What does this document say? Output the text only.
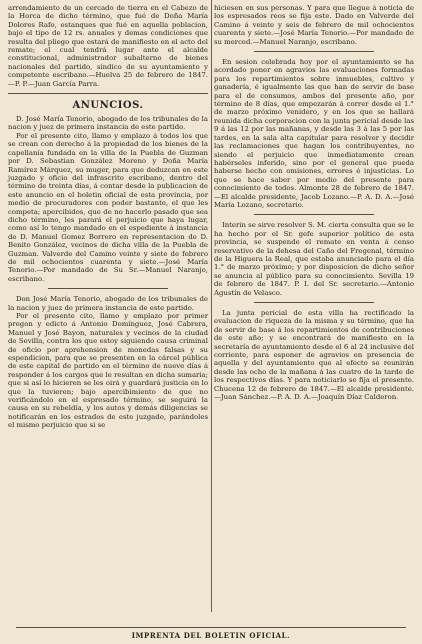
arrendamiento de un cercado de tierra en el Cabezo de la Horca de dicho término, que fué de Doña María Dolores Rafo, estanques que fué en aquella poblacion, bajo el tipo de 12 rs. anuales y demas condiciones que resulta del pliego que estará de manifiesto en el acto del remate; el cual tendrá lugar ante el alcalde constitucional, administrador subalterno de bienes nacionales del partido, síndico de su ayuntamiento y competente escribano.—Huelva 25 de febrero de 1847.—P. P.—Juan García Parra.

ANUNCIOS.

D. José María Tenorio, abogado de los tribunales de la nacion y juez de primera instancia de este partido.

Por el presente cito, llamo y emplazo á todos los que se crean con derecho á la propiedad de los bienes de la capellanía fundada en la villa de la Puebla de Guzman por D. Sebastian González Moreno y Doña María Ramírez Márquez, su muger, para que deduzcan en este juzgado y oficio del infrascrito escribano, dentro del término de treinta días, á contar desde la publicacion de este anuncio en el boletin oficial de esta provincia, por medio de procuradores con poder bastante, el que les competa; apercibidos, que de no hacerlo pasado que sea dicho término, les parará el perjuicio que haya lugar, como así lo tengo mandado en el espediente á instancia de D. Manuel Gomez Borrero en representacion de D. Benito González, vecinos de dicha villa de la Puebla de Guzman. Valverde del Camino veinte y siete de febrero de mil ochocientos cuarenta y siete.—José María Tenorio.—Por mandado de Su Sr.—Manuel Naranjo, escribano.

Don José María Tenorio, abogado de los tribunales de la nacion y juez de primera instancia de este partido.

Por el presente cito, llamo y emplazo por primer pregon y edicto á Antonio Domínguez, José Cabrera, Manuel y José Bayon, naturales y vecinos de la ciudad de Sevilla, contra los que estoy siguiendo causa criminal de oficio por aprehension de monedas falsas y su espendicion, para que se presenten en la cárcel pública de este capital de partido en el término de nueve días á responder á los cargos que le resultan en dicha sumaria; que si así lo hicieren se les oirá y guardará justicia en lo que la tuvieren; bajo apercibimiento de que no verificándolo en el espresado término, se seguirá la causa en su rebeldía, y los autos y demás diligencias se notificarán en los estrados de este juzgado, parándoles el mismo perjuicio que si se

hiciesen en sus personas. Y para que llegue á noticia de los espresados reos se fija este. Dado en Valverde del Camino á veinte y seis de febrero de mil ochocientos cuarenta y siete.—José María Tenorio.—Por mandado de su merced.—Manuel Naranjo, escribano.

En sesion celebrada hoy por el ayuntamiento se ha acordado poner en agravios las evaluaciones formadas para los repartimientos sobre inmuebles, cultivo y ganadería, é igualmente las que han de servir de base para el de consumos, ambos del presente año, por término de 8 días, que empezarán á correr desde el 1.° de marzo próximo venidero, y en los que se hallará reunida dicha corporacion con la junta pericial desde las 9 á las 12 por las mañanas, y desde las 3 á las 5 por las tardes, en la sala alta capitular para resolver y decidir las reclamaciones que hagan los contribuyentes, no siendo el perjuicio que inmediatamente crean habérseles inferido, sino por el general que pueda haberse hecho con omisiones, errores é injusticias. Lo que se hace saber por medio del presente para conocimiento de todos. Almonte 28 de febrero de 1847.—El alcalde presidente, Jacob Lozano.—P. A. D. A.—José María Lozano, secretario.

Interin se sirve resolver S. M. cierta consulta que se le ha hecho por el Sr. gefe superior político de esta provincia, se suspende el remate en venta á censo reservativo de la dehesa del Caño del Fregenal, término de la Higuera la Real, que estaba anunciado para el día 1.° de marzo próximo; y por disposicion de dicho señor se anuncia al público para su conocimiento. Sevilla 19 de febrero de 1847. P. I. del Sr. secretario.—Antonio Agustín de Velasco.

La junta pericial de esta villa ha rectificado la evaluacion de riqueza de la misma y su término, que ha de servir de base á los repartimientos de contribuciones de este año; y se encontrará de manifiesto en la secretaría de ayuntamiento desde el 6 al 24 inclusive del corriente, para esponer de agravios en presencia de aquella y del ayuntamiento que al efecto se reunirán desde las ocho de la mañana á las cuatro de la tarde de los respectivos días. Y para noticiarlo se fija el presente. Chucena 12 de febrero de 1847.—El alcalde presidente.—Juan Sánchez.—P. A. D. A.—Joaquín Díaz Calderon.

IMPRENTA DEL BOLETIN OFICIAL.
